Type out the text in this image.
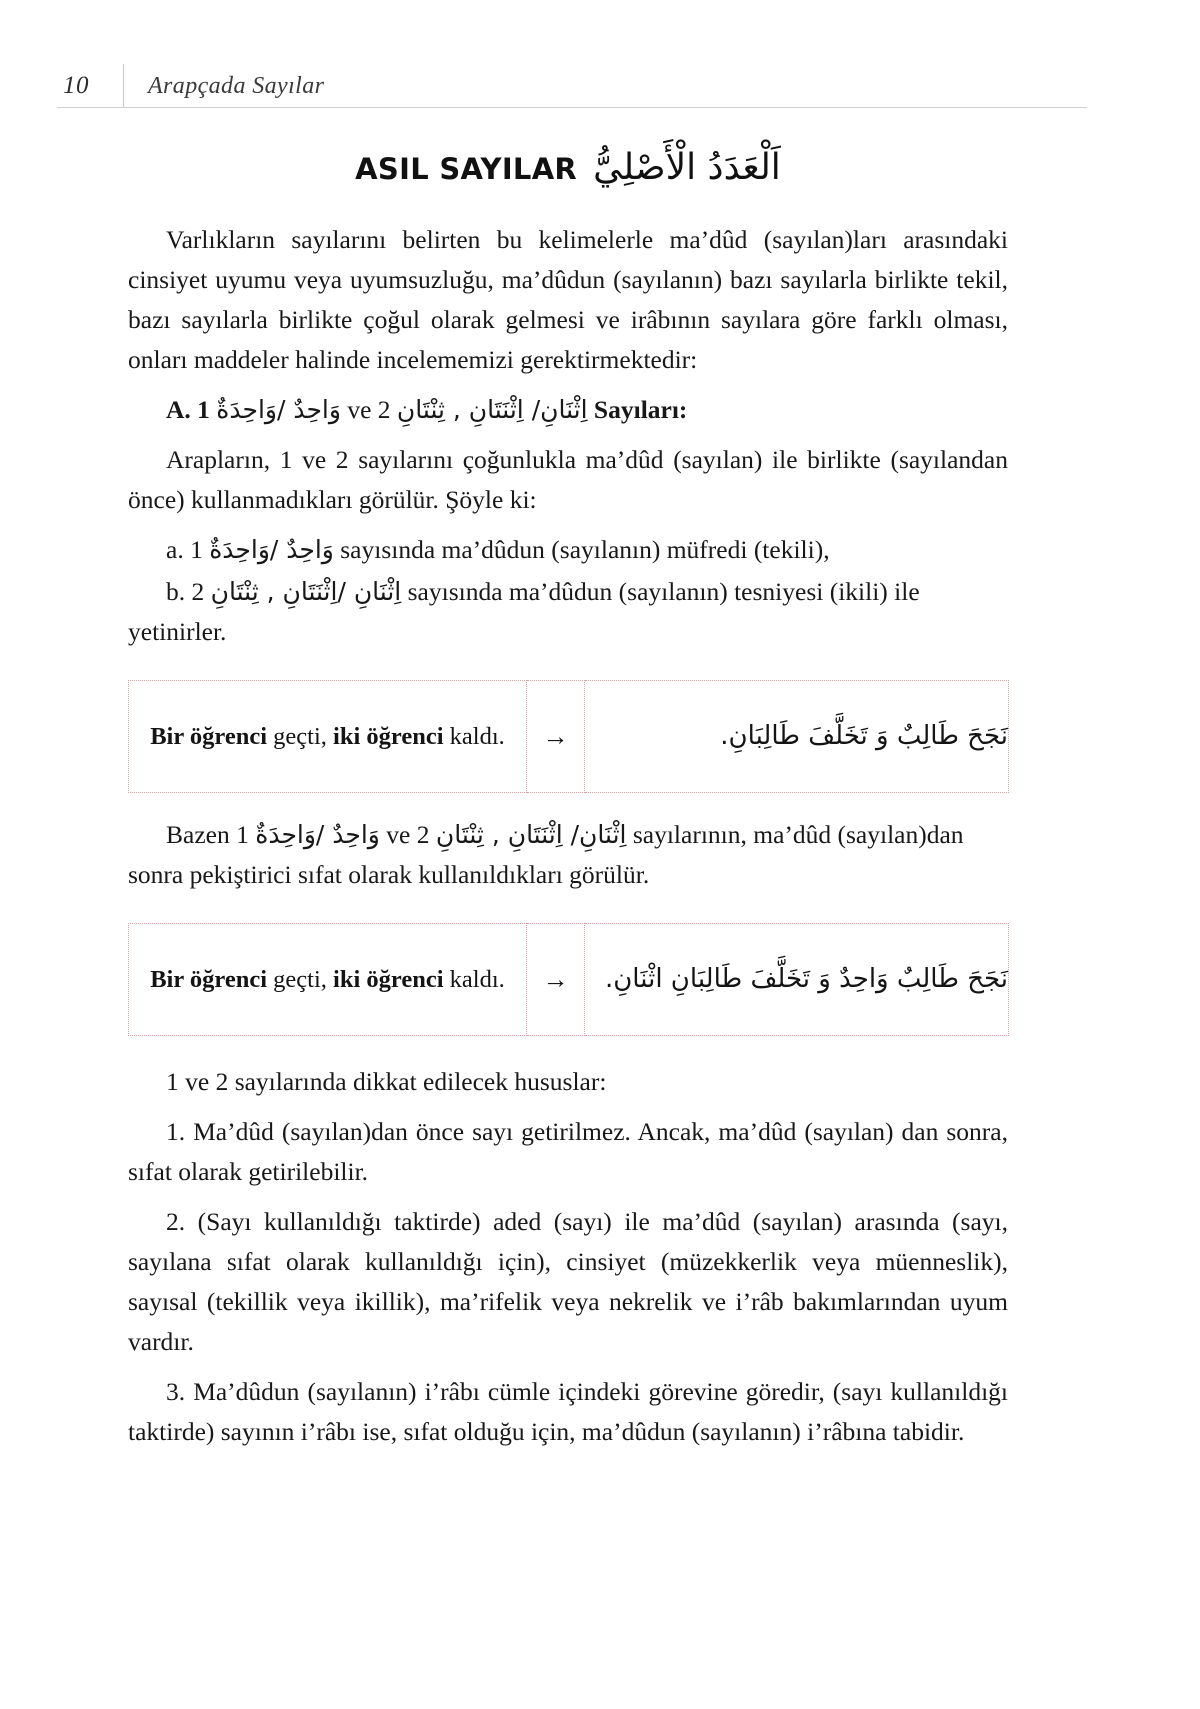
10	Arapçada Sayılar
ASIL SAYILAR اَلْعَدَدُ الْأَصْلِيُّ

Varlıkların sayılarını belirten bu kelimelerle ma’dûd (sayılan)ları arasındaki cinsiyet uyumu veya uyumsuzluğu, ma’dûdun (sayılanın) bazı sayılarla birlikte tekil, bazı sayılarla birlikte çoğul olarak gelmesi ve irâbının sayılara göre farklı olması, onları maddeler halinde incelememizi gerektirmektedir:

A. 1 وَاحِدٌ /وَاحِدَةٌ ve 2 اِثْنَانِ/ اِثْنَتَانِ , ثِنْتَانِ Sayıları:

Arapların, 1 ve 2 sayılarını çoğunlukla ma’dûd (sayılan) ile birlikte (sayılandan önce) kullanmadıkları görülür. Şöyle ki:

a. 1 وَاحِدٌ /وَاحِدَةٌ sayısında ma’dûdun (sayılanın) müfredi (tekili),

b. 2 اِثْنَانِ /اِثْنَتَانِ , ثِنْتَانِ sayısında ma’dûdun (sayılanın) tesniyesi (ikili) ile

yetinirler.

Bir öğrenci geçti, iki öğrenci kaldı.	→	نَجَحَ طَالِبٌ وَ تَخَلَّفَ طَالِبَانِ.

Bazen 1 وَاحِدٌ /وَاحِدَةٌ ve 2 اِثْنَانِ/ اِثْنَتَانِ , ثِنْتَانِ sayılarının, ma’dûd (sayılan)dan

sonra pekiştirici sıfat olarak kullanıldıkları görülür.

Bir öğrenci geçti, iki öğrenci kaldı.	→	نَجَحَ طَالِبٌ وَاحِدٌ وَ تَخَلَّفَ طَالِبَانِ اثْنَانِ.

1 ve 2 sayılarında dikkat edilecek hususlar:

1. Ma’dûd (sayılan)dan önce sayı getirilmez. Ancak, ma’dûd (sayılan) dan sonra, sıfat olarak getirilebilir.

2. (Sayı kullanıldığı taktirde) aded (sayı) ile ma’dûd (sayılan) arasında (sayı, sayılana sıfat olarak kullanıldığı için), cinsiyet (müzekkerlik veya müenneslik), sayısal (tekillik veya ikillik), ma’rifelik veya nekrelik ve i’râb bakımlarından uyum vardır.

3. Ma’dûdun (sayılanın) i’râbı cümle içindeki görevine göredir, (sayı kullanıldığı taktirde) sayının i’râbı ise, sıfat olduğu için, ma’dûdun (sayılanın) i’râbına tabidir.
